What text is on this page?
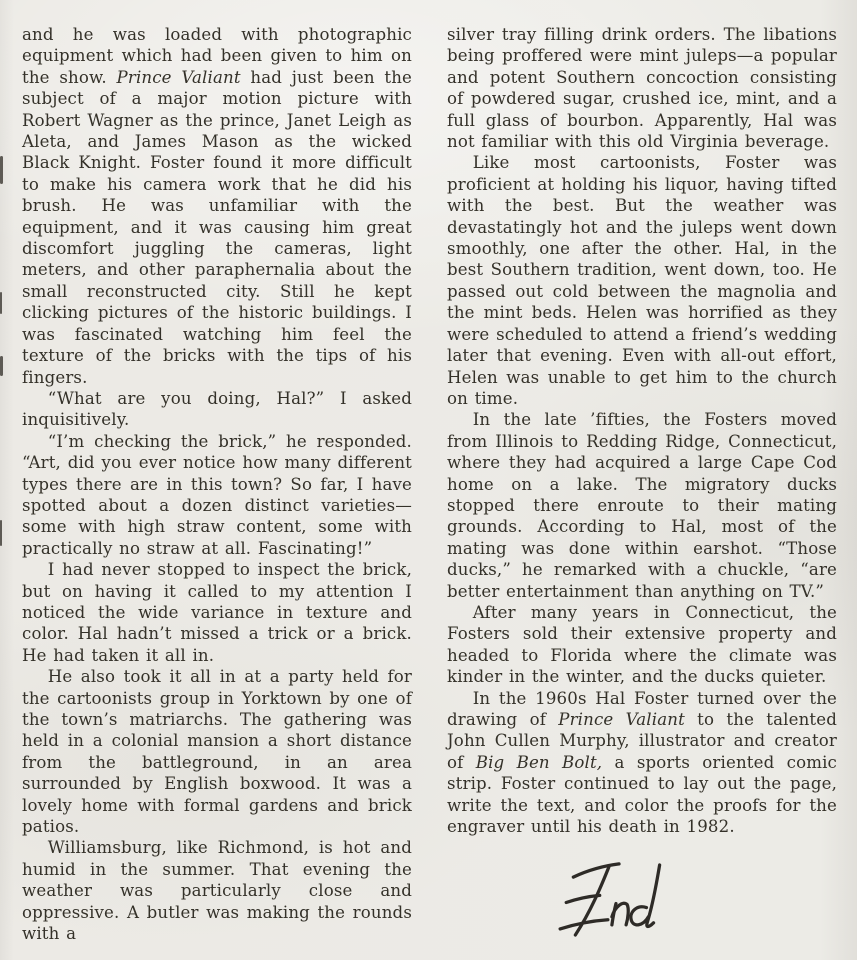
and he was loaded with photographic equipment which had been given to him on the show. Prince Valiant had just been the subject of a major motion picture with Robert Wagner as the prince, Janet Leigh as Aleta, and James Mason as the wicked Black Knight. Foster found it more difficult to make his camera work that he did his brush. He was unfamiliar with the equipment, and it was causing him great discomfort juggling the cameras, light meters, and other paraphernalia about the small reconstructed city. Still he kept clicking pictures of the historic buildings. I was fascinated watching him feel the texture of the bricks with the tips of his fingers.

“What are you doing, Hal?” I asked inquisitively.

“I’m checking the brick,” he responded. “Art, did you ever notice how many different types there are in this town? So far, I have spotted about a dozen distinct varieties—some with high straw content, some with practically no straw at all. Fascinating!”

I had never stopped to inspect the brick, but on having it called to my attention I noticed the wide variance in texture and color. Hal hadn’t missed a trick or a brick. He had taken it all in.

He also took it all in at a party held for the cartoonists group in Yorktown by one of the town’s matriarchs. The gathering was held in a colonial mansion a short distance from the battleground, in an area surrounded by English boxwood. It was a lovely home with formal gardens and brick patios.

Williamsburg, like Richmond, is hot and humid in the summer. That evening the weather was particularly close and oppressive. A butler was making the rounds with a

silver tray filling drink orders. The libations being proffered were mint juleps—a popular and potent Southern concoction consisting of powdered sugar, crushed ice, mint, and a full glass of bourbon. Apparently, Hal was not familiar with this old Virginia beverage.

Like most cartoonists, Foster was proficient at holding his liquor, having tifted with the best. But the weather was devastatingly hot and the juleps went down smoothly, one after the other. Hal, in the best Southern tradition, went down, too. He passed out cold between the magnolia and the mint beds. Helen was horrified as they were scheduled to attend a friend’s wedding later that evening. Even with all-out effort, Helen was unable to get him to the church on time.

In the late ’fifties, the Fosters moved from Illinois to Redding Ridge, Connecticut, where they had acquired a large Cape Cod home on a lake. The migratory ducks stopped there enroute to their mating grounds. According to Hal, most of the mating was done within earshot. “Those ducks,” he remarked with a chuckle, “are better entertainment than anything on TV.”

After many years in Connecticut, the Fosters sold their extensive property and headed to Florida where the climate was kinder in the winter, and the ducks quieter.

In the 1960s Hal Foster turned over the drawing of Prince Valiant to the talented John Cullen Murphy, illustrator and creator of Big Ben Bolt, a sports oriented comic strip. Foster continued to lay out the page, write the text, and color the proofs for the engraver until his death in 1982.
